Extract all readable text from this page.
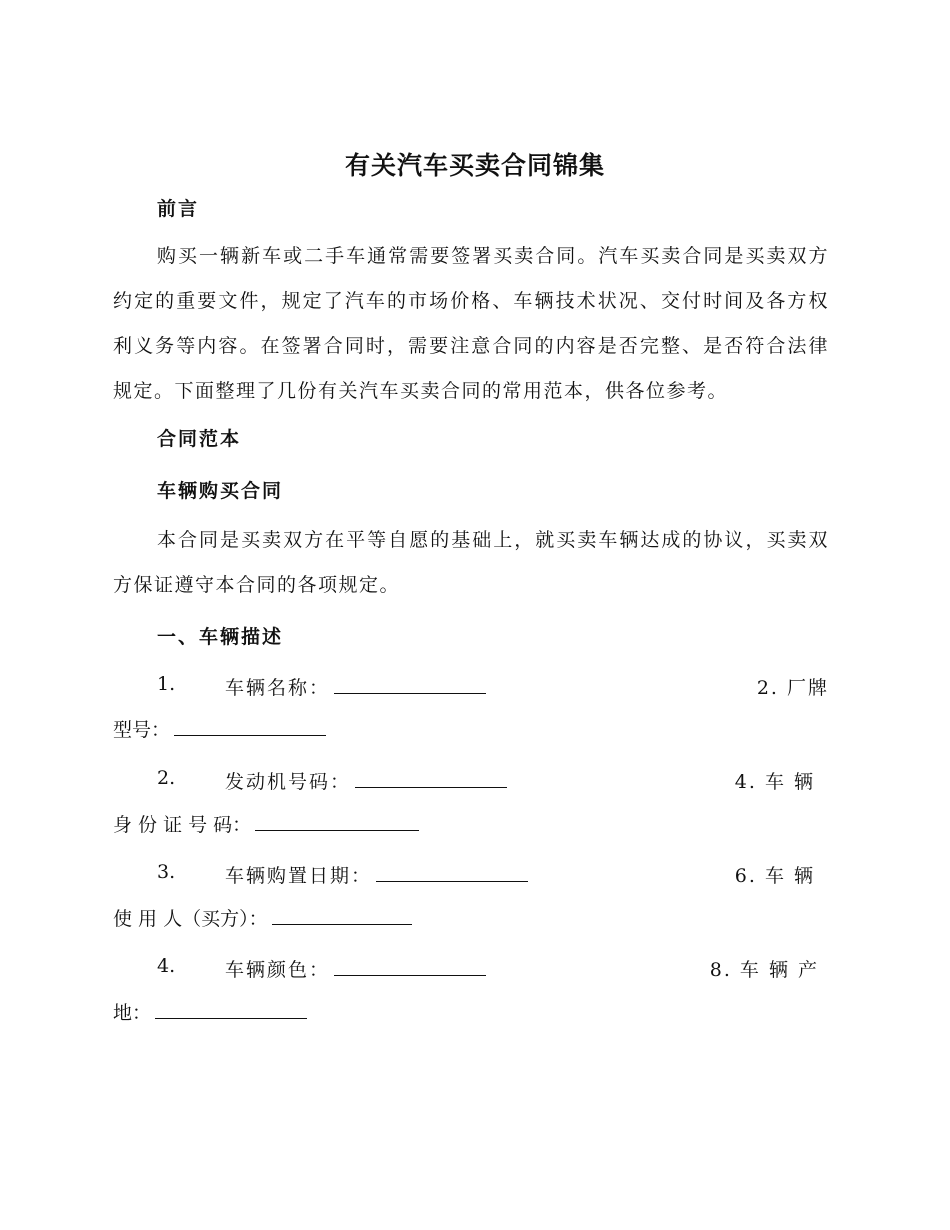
有关汽车买卖合同锦集
前言
购买一辆新车或二手车通常需要签署买卖合同。汽车买卖合同是买卖双方约定的重要文件，规定了汽车的市场价格、车辆技术状况、交付时间及各方权利义务等内容。在签署合同时，需要注意合同的内容是否完整、是否符合法律规定。下面整理了几份有关汽车买卖合同的常用范本，供各位参考。
合同范本
车辆购买合同
本合同是买卖双方在平等自愿的基础上，就买卖车辆达成的协议，买卖双方保证遵守本合同的各项规定。
一、车辆描述
1.	车辆名称：	2. 厂牌
型号：
2.	发动机号码：	4. 车 辆
身 份 证 号 码：
3.	车辆购置日期：	6. 车 辆
使 用 人（买方）：
4.	车辆颜色：	8. 车 辆 产
地：
